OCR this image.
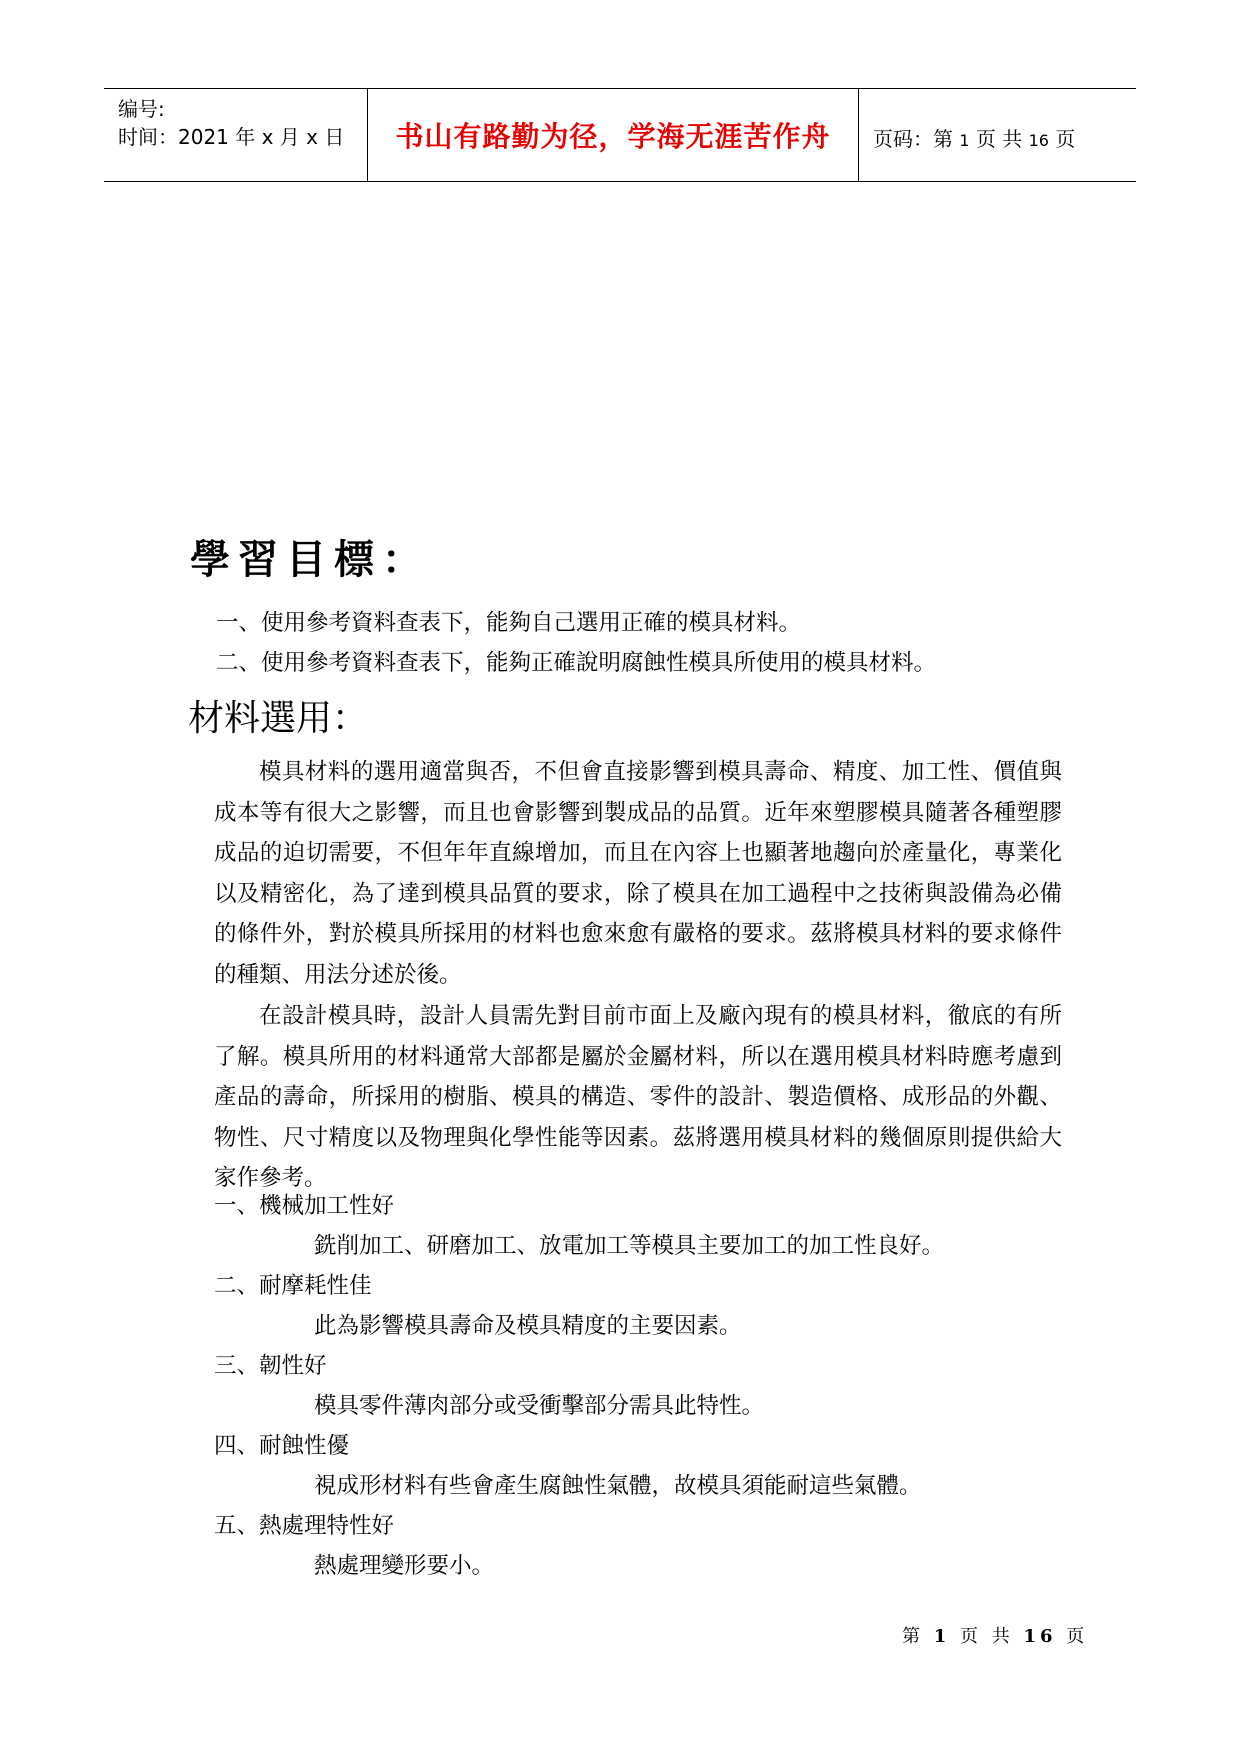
编号:
时间：2021 年 x 月 x 日	书山有路勤为径，学海无涯苦作舟	页码：第 1 页 共 16 页
學習目標：
一、使用參考資料查表下，能夠自己選用正確的模具材料。
二、使用參考資料查表下，能夠正確說明腐蝕性模具所使用的模具材料。
材料選用：
模具材料的選用適當與否，不但會直接影響到模具壽命、精度、加工性、價值與成本等有很大之影響，而且也會影響到製成品的品質。近年來塑膠模具隨著各種塑膠成品的迫切需要，不但年年直線增加，而且在內容上也顯著地趨向於產量化，專業化以及精密化，為了達到模具品質的要求，除了模具在加工過程中之技術與設備為必備的條件外，對於模具所採用的材料也愈來愈有嚴格的要求。茲將模具材料的要求條件的種類、用法分述於後。
在設計模具時，設計人員需先對目前市面上及廠內現有的模具材料，徹底的有所了解。模具所用的材料通常大部都是屬於金屬材料，所以在選用模具材料時應考慮到產品的壽命，所採用的樹脂、模具的構造、零件的設計、製造價格、成形品的外觀、物性、尺寸精度以及物理與化學性能等因素。茲將選用模具材料的幾個原則提供給大家作參考。
一、機械加工性好
銑削加工、研磨加工、放電加工等模具主要加工的加工性良好。
二、耐摩耗性佳
此為影響模具壽命及模具精度的主要因素。
三、韌性好
模具零件薄肉部分或受衝擊部分需具此特性。
四、耐蝕性優
視成形材料有些會產生腐蝕性氣體，故模具須能耐這些氣體。
五、熱處理特性好
熱處理變形要小。
第 1 页 共 16 页
